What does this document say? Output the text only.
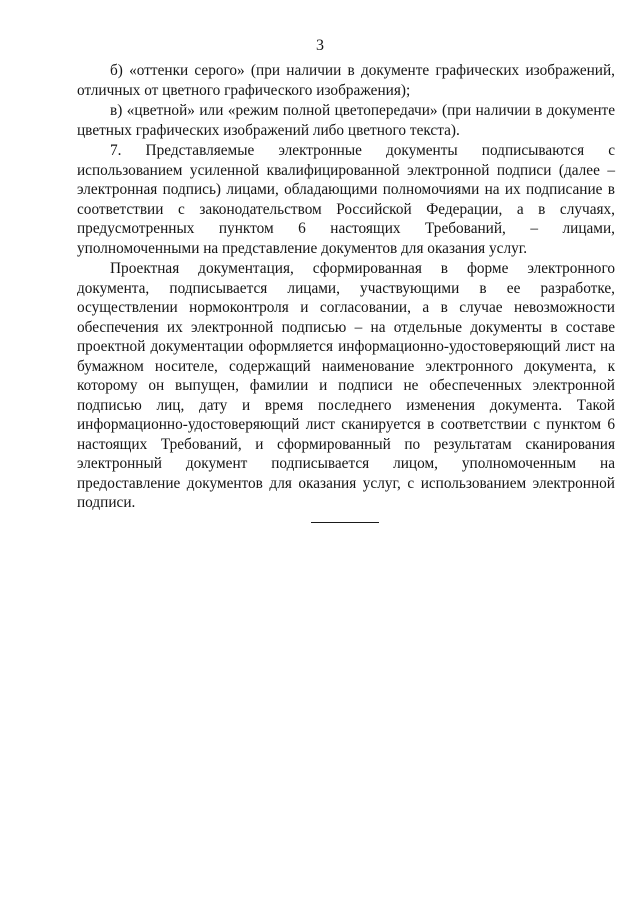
3

б) «оттенки серого» (при наличии в документе графических изображений, отличных от цветного графического изображения);

в) «цветной» или «режим полной цветопередачи» (при наличии в документе цветных графических изображений либо цветного текста).

7. Представляемые электронные документы подписываются с использованием усиленной квалифицированной электронной подписи (далее – электронная подпись) лицами, обладающими полномочиями на их подписание в соответствии с законодательством Российской Федерации, а в случаях, предусмотренных пунктом 6 настоящих Требований, – лицами, уполномоченными на представление документов для оказания услуг.

Проектная документация, сформированная в форме электронного документа, подписывается лицами, участвующими в ее разработке, осуществлении нормоконтроля и согласовании, а в случае невозможности обеспечения их электронной подписью – на отдельные документы в составе проектной документации оформляется информационно-удостоверяющий лист на бумажном носителе, содержащий наименование электронного документа, к которому он выпущен, фамилии и подписи не обеспеченных электронной подписью лиц, дату и время последнего изменения документа. Такой информационно-удостоверяющий лист сканируется в соответствии с пунктом 6 настоящих Требований, и сформированный по результатам сканирования электронный документ подписывается лицом, уполномоченным на предоставление документов для оказания услуг, с использованием электронной подписи.
